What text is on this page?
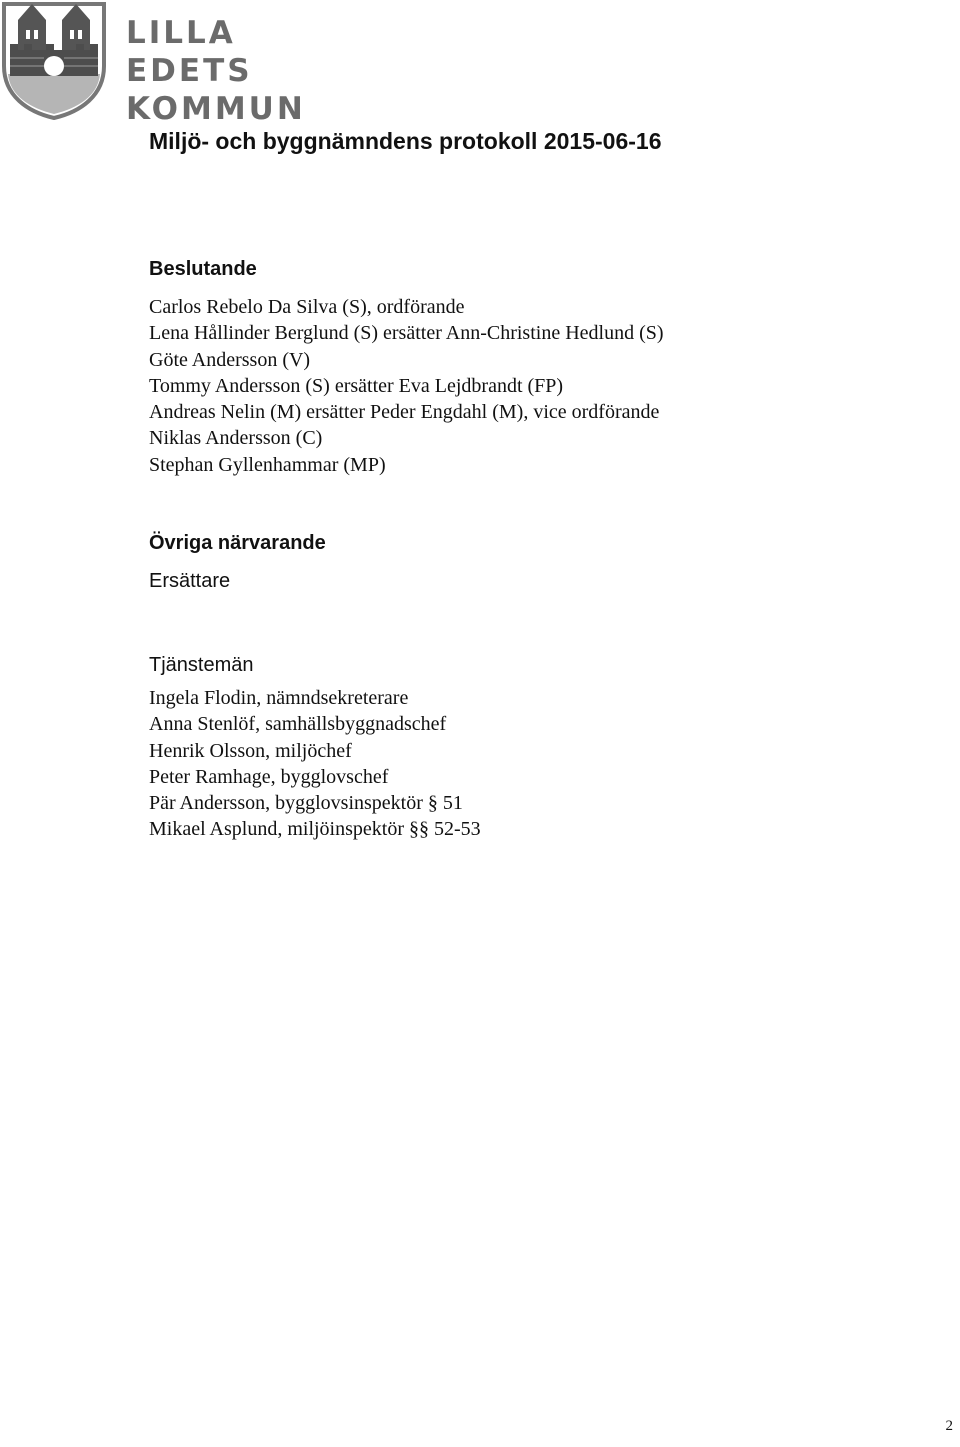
LILLA EDETS
KOMMUN
Miljö- och byggnämndens protokoll 2015-06-16
Beslutande
Carlos Rebelo Da Silva (S), ordförande
Lena Hållinder Berglund (S) ersätter Ann-Christine Hedlund (S)
Göte Andersson (V)
Tommy Andersson (S) ersätter Eva Lejdbrandt (FP)
Andreas Nelin (M) ersätter Peder Engdahl (M), vice ordförande
Niklas Andersson (C)
Stephan Gyllenhammar (MP)
Övriga närvarande
Ersättare
Tjänstemän
Ingela Flodin, nämndsekreterare
Anna Stenlöf, samhällsbyggnadschef
Henrik Olsson, miljöchef
Peter Ramhage, bygglovschef
Pär Andersson, bygglovsinspektör § 51
Mikael Asplund, miljöinspektör §§ 52-53
2
